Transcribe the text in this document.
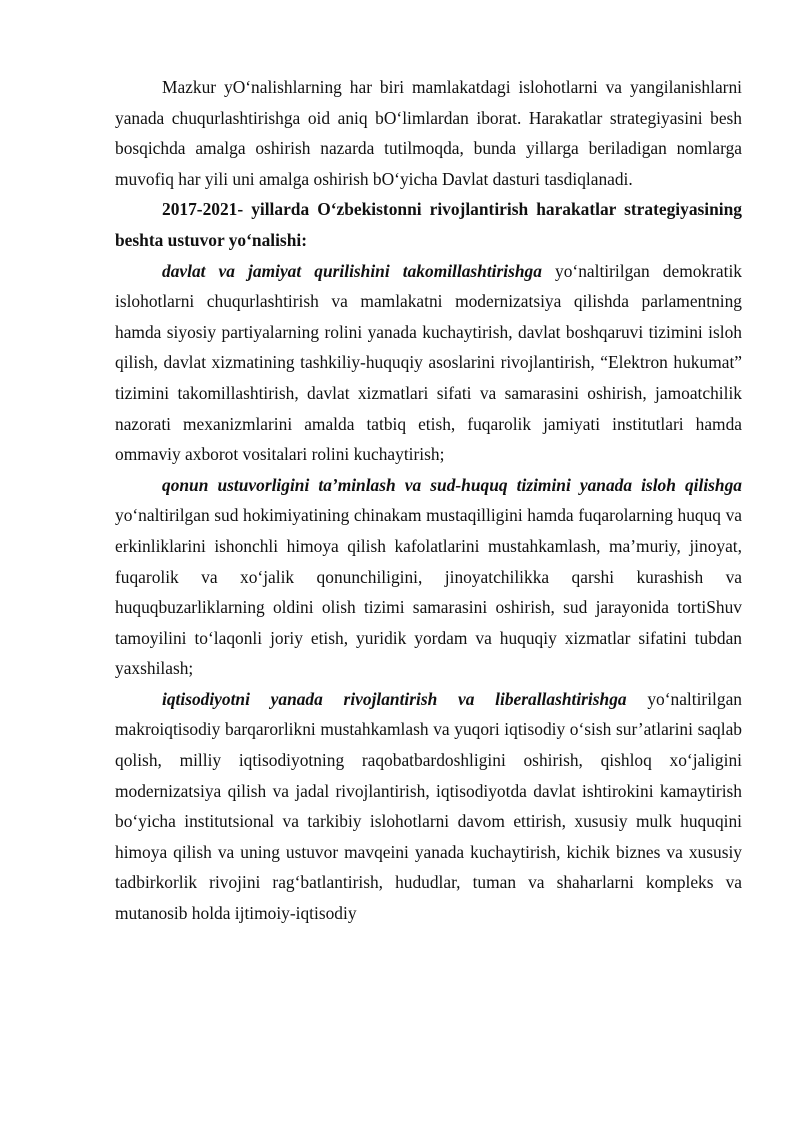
Mazkur yO‘nalishlarning har biri mamlakatdagi islohotlarni va yangilanishlarni yanada chuqurlashtirishga oid aniq bO‘limlardan iborat. Harakatlar strategiyasini besh bosqichda amalga oshirish nazarda tutilmoqda, bunda yillarga beriladigan nomlarga muvofiq har yili uni amalga oshirish bO‘yicha Davlat dasturi tasdiqlanadi.

2017-2021- yillarda O‘zbekistonni rivojlantirish harakatlar strategiyasining beshta ustuvor yo‘nalishi:

davlat va jamiyat qurilishini takomillashtirishga yo‘naltirilgan demokratik islohotlarni chuqurlashtirish va mamlakatni modernizatsiya qilishda parlamentning hamda siyosiy partiyalarning rolini yanada kuchaytirish, davlat boshqaruvi tizimini isloh qilish, davlat xizmatining tashkiliy-huquqiy asoslarini rivojlantirish, “Elektron hukumat” tizimini takomillashtirish, davlat xizmatlari sifati va samarasini oshirish, jamoatchilik nazorati mexanizmlarini amalda tatbiq etish, fuqarolik jamiyati institutlari hamda ommaviy axborot vositalari rolini kuchaytirish;

qonun ustuvorligini ta’minlash va sud-huquq tizimini yanada isloh qilishga yo‘naltirilgan sud hokimiyatining chinakam mustaqilligini hamda fuqarolarning huquq va erkinliklarini ishonchli himoya qilish kafolatlarini mustahkamlash, ma’muriy, jinoyat, fuqarolik va xo‘jalik qonunchiligini, jinoyatchilikka qarshi kurashish va huquqbuzarliklarning oldini olish tizimi samarasini oshirish, sud jarayonida tortiShuv tamoyilini to‘laqonli joriy etish, yuridik yordam va huquqiy xizmatlar sifatini tubdan yaxshilash;

iqtisodiyotni yanada rivojlantirish va liberallashtirishga yo‘naltirilgan makroiqtisodiy barqarorlikni mustahkamlash va yuqori iqtisodiy o‘sish sur’atlarini saqlab qolish, milliy iqtisodiyotning raqobatbardoshligini oshirish, qishloq xo‘jaligini modernizatsiya qilish va jadal rivojlantirish, iqtisodiyotda davlat ishtirokini kamaytirish bo‘yicha institutsional va tarkibiy islohotlarni davom ettirish, xususiy mulk huquqini himoya qilish va uning ustuvor mavqeini yanada kuchaytirish, kichik biznes va xususiy tadbirkorlik rivojini rag‘batlantirish, hududlar, tuman va shaharlarni kompleks va mutanosib holda ijtimoiy-iqtisodiy
